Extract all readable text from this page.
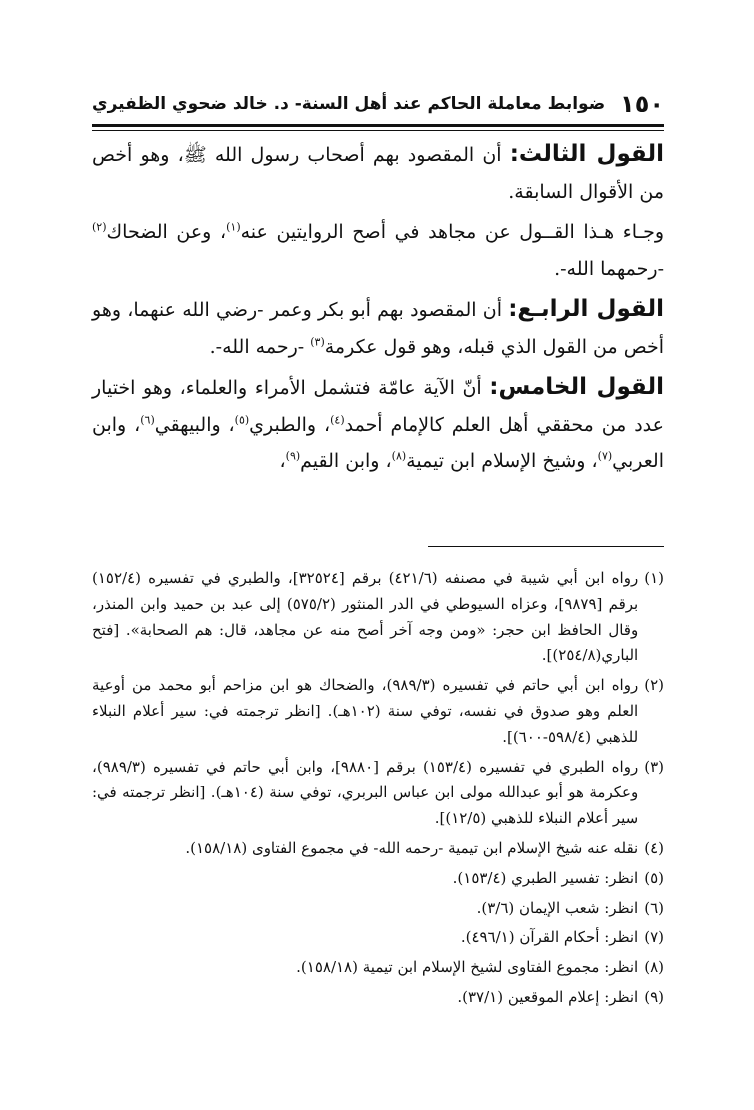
١٥٠
ضوابط معاملة الحاكم عند أهل السنة- د. خالد ضحوي الظفيري

القول الثالث: أن المقصود بهم أصحاب رسول الله ﷺ، وهو أخص من الأقوال السابقة.

وجـاء هـذا القــول عن مجاهد في أصح الروايتين عنه$^{(١)}$، وعن الضحاك$^{(٢)}$ -رحمهما الله-.

القول الرابـع: أن المقصود بهم أبو بكر وعمر -رضي الله عنهما، وهو أخص من القول الذي قبله، وهو قول عكرمة$^{(٣)}$ -رحمه الله-.

القول الخامس: أنّ الآية عامّة فتشمل الأمراء والعلماء، وهو اختيار عدد من محققي أهل العلم كالإمام أحمد$^{(٤)}$، والطبري$^{(٥)}$، والبيهقي$^{(٦)}$، وابن العربي$^{(٧)}$، وشيخ الإسلام ابن تيمية$^{(٨)}$، وابن القيم$^{(٩)}$،

(١)
رواه ابن أبي شيبة في مصنفه (٤٢١/٦) برقم [٣٢٥٢٤]، والطبري في تفسيره (١٥٢/٤) برقم [٩٨٧٩]، وعزاه السيوطي في الدر المنثور (٥٧٥/٢) إلى عبد بن حميد وابن المنذر، وقال الحافظ ابن حجر: «ومن وجه آخر أصح منه عن مجاهد، قال: هم الصحابة». [فتح الباري(٢٥٤/٨)].

(٢)
رواه ابن أبي حاتم في تفسيره (٩٨٩/٣)، والضحاك هو ابن مزاحم أبو محمد من أوعية العلم وهو صدوق في نفسه، توفي سنة (١٠٢هـ). [انظر ترجمته في: سير أعلام النبلاء للذهبي (٥٩٨/٤-٦٠٠)].

(٣)
رواه الطبري في تفسيره (١٥٣/٤) برقم [٩٨٨٠]، وابن أبي حاتم في تفسيره (٩٨٩/٣)، وعكرمة هو أبو عبدالله مولى ابن عباس البربري، توفي سنة (١٠٤هـ). [انظر ترجمته في: سير أعلام النبلاء للذهبي (١٢/٥)].

(٤)
نقله عنه شيخ الإسلام ابن تيمية -رحمه الله- في مجموع الفتاوى (١٥٨/١٨).

(٥)
انظر: تفسير الطبري (١٥٣/٤).

(٦)
انظر: شعب الإيمان (٣/٦).

(٧)
انظر: أحكام القرآن (٤٩٦/١).

(٨)
انظر: مجموع الفتاوى لشيخ الإسلام ابن تيمية (١٥٨/١٨).

(٩)
انظر: إعلام الموقعين (٣٧/١).
